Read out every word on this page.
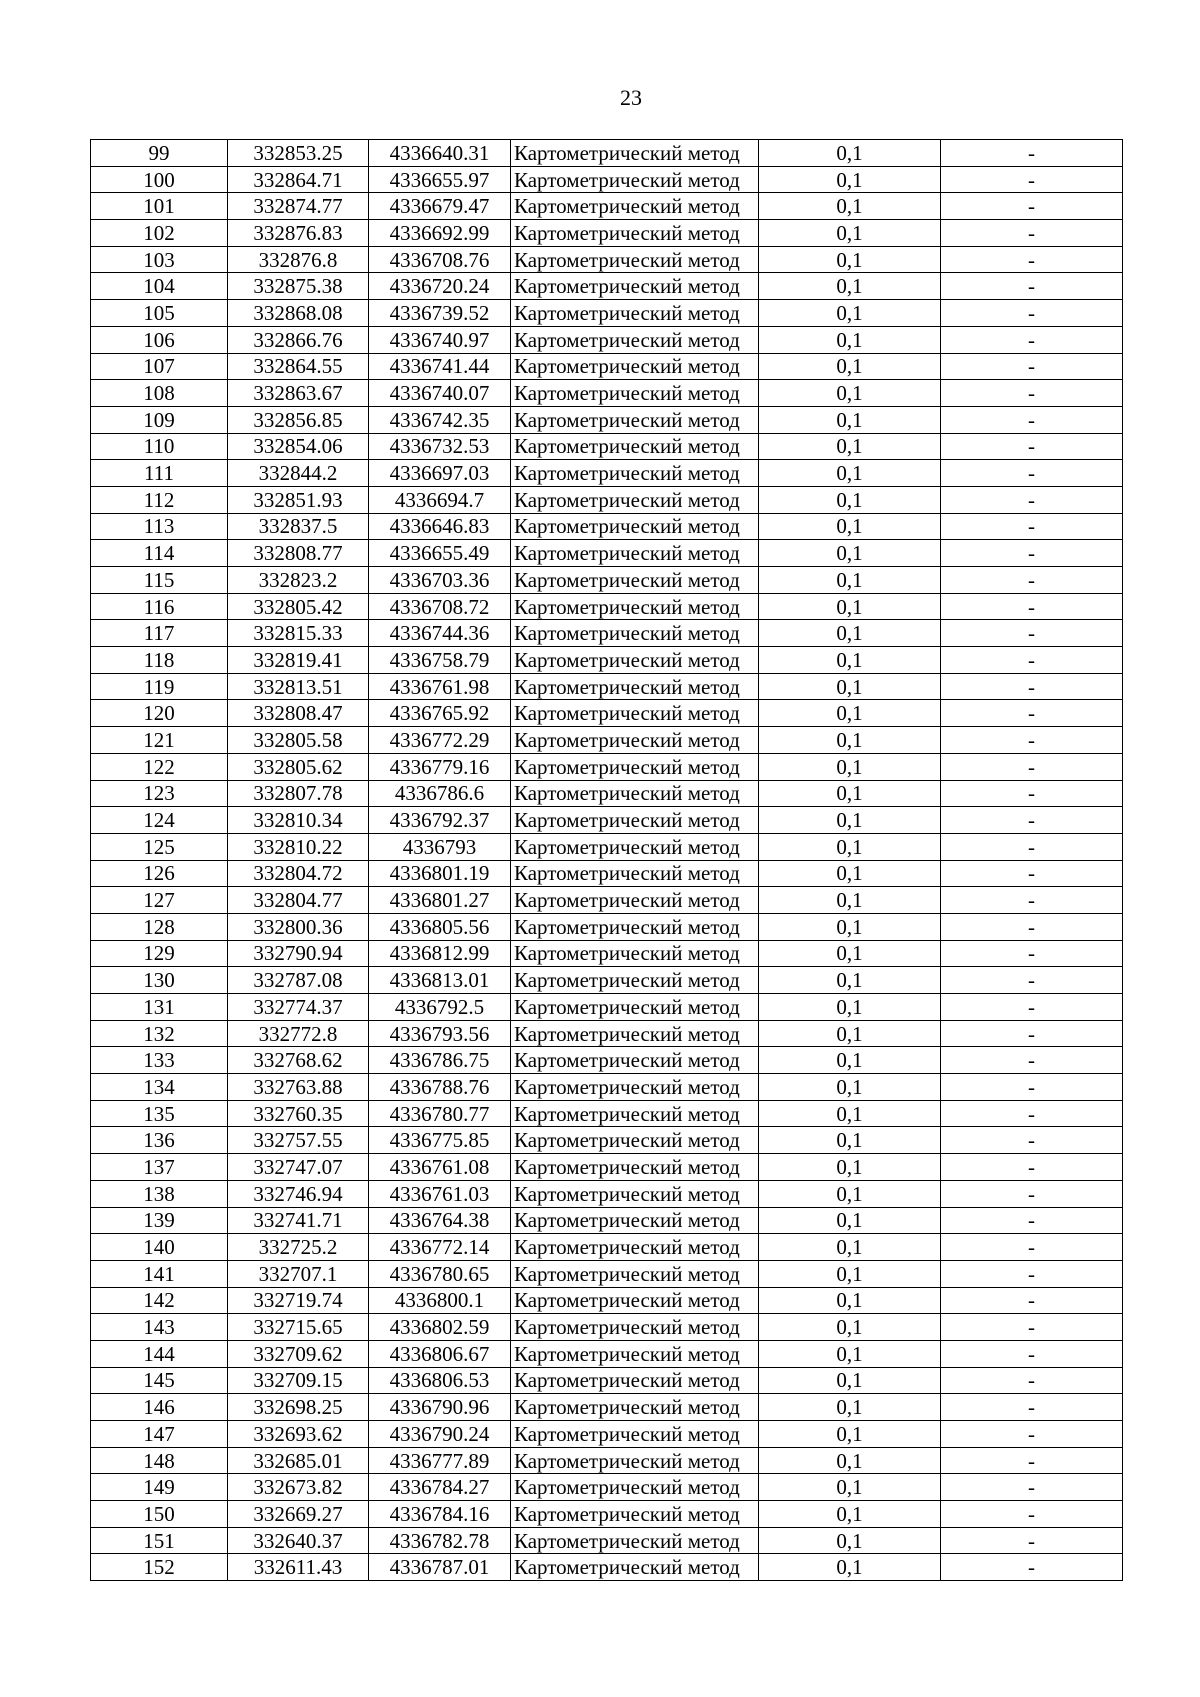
23
99	332853.25	4336640.31	Картометрический метод	0,1	-
100	332864.71	4336655.97	Картометрический метод	0,1	-
101	332874.77	4336679.47	Картометрический метод	0,1	-
102	332876.83	4336692.99	Картометрический метод	0,1	-
103	332876.8	4336708.76	Картометрический метод	0,1	-
104	332875.38	4336720.24	Картометрический метод	0,1	-
105	332868.08	4336739.52	Картометрический метод	0,1	-
106	332866.76	4336740.97	Картометрический метод	0,1	-
107	332864.55	4336741.44	Картометрический метод	0,1	-
108	332863.67	4336740.07	Картометрический метод	0,1	-
109	332856.85	4336742.35	Картометрический метод	0,1	-
110	332854.06	4336732.53	Картометрический метод	0,1	-
111	332844.2	4336697.03	Картометрический метод	0,1	-
112	332851.93	4336694.7	Картометрический метод	0,1	-
113	332837.5	4336646.83	Картометрический метод	0,1	-
114	332808.77	4336655.49	Картометрический метод	0,1	-
115	332823.2	4336703.36	Картометрический метод	0,1	-
116	332805.42	4336708.72	Картометрический метод	0,1	-
117	332815.33	4336744.36	Картометрический метод	0,1	-
118	332819.41	4336758.79	Картометрический метод	0,1	-
119	332813.51	4336761.98	Картометрический метод	0,1	-
120	332808.47	4336765.92	Картометрический метод	0,1	-
121	332805.58	4336772.29	Картометрический метод	0,1	-
122	332805.62	4336779.16	Картометрический метод	0,1	-
123	332807.78	4336786.6	Картометрический метод	0,1	-
124	332810.34	4336792.37	Картометрический метод	0,1	-
125	332810.22	4336793	Картометрический метод	0,1	-
126	332804.72	4336801.19	Картометрический метод	0,1	-
127	332804.77	4336801.27	Картометрический метод	0,1	-
128	332800.36	4336805.56	Картометрический метод	0,1	-
129	332790.94	4336812.99	Картометрический метод	0,1	-
130	332787.08	4336813.01	Картометрический метод	0,1	-
131	332774.37	4336792.5	Картометрический метод	0,1	-
132	332772.8	4336793.56	Картометрический метод	0,1	-
133	332768.62	4336786.75	Картометрический метод	0,1	-
134	332763.88	4336788.76	Картометрический метод	0,1	-
135	332760.35	4336780.77	Картометрический метод	0,1	-
136	332757.55	4336775.85	Картометрический метод	0,1	-
137	332747.07	4336761.08	Картометрический метод	0,1	-
138	332746.94	4336761.03	Картометрический метод	0,1	-
139	332741.71	4336764.38	Картометрический метод	0,1	-
140	332725.2	4336772.14	Картометрический метод	0,1	-
141	332707.1	4336780.65	Картометрический метод	0,1	-
142	332719.74	4336800.1	Картометрический метод	0,1	-
143	332715.65	4336802.59	Картометрический метод	0,1	-
144	332709.62	4336806.67	Картометрический метод	0,1	-
145	332709.15	4336806.53	Картометрический метод	0,1	-
146	332698.25	4336790.96	Картометрический метод	0,1	-
147	332693.62	4336790.24	Картометрический метод	0,1	-
148	332685.01	4336777.89	Картометрический метод	0,1	-
149	332673.82	4336784.27	Картометрический метод	0,1	-
150	332669.27	4336784.16	Картометрический метод	0,1	-
151	332640.37	4336782.78	Картометрический метод	0,1	-
152	332611.43	4336787.01	Картометрический метод	0,1	-
